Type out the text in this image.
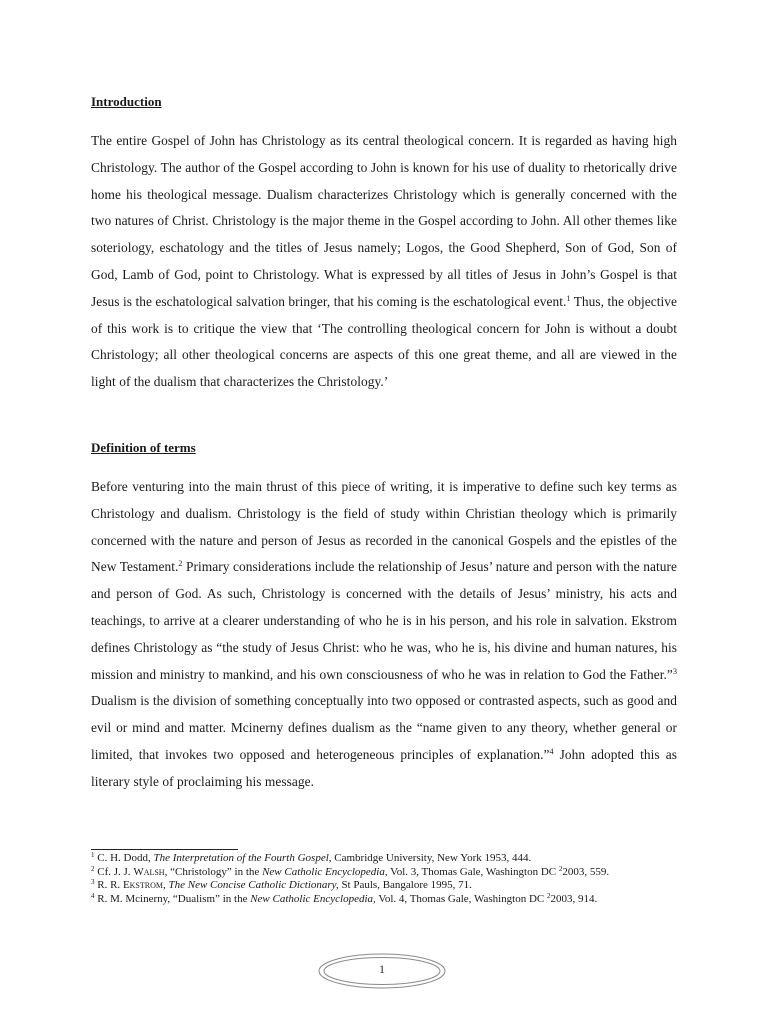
Introduction

The entire Gospel of John has Christology as its central theological concern. It is regarded as having high Christology. The author of the Gospel according to John is known for his use of duality to rhetorically drive home his theological message. Dualism characterizes Christology which is generally concerned with the two natures of Christ. Christology is the major theme in the Gospel according to John. All other themes like soteriology, eschatology and the titles of Jesus namely; Logos, the Good Shepherd, Son of God, Son of God, Lamb of God, point to Christology. What is expressed by all titles of Jesus in John’s Gospel is that Jesus is the eschatological salvation bringer, that his coming is the eschatological event.$^1$ Thus, the objective of this work is to critique the view that ‘The controlling theological concern for John is without a doubt Christology; all other theological concerns are aspects of this one great theme, and all are viewed in the light of the dualism that characterizes the Christology.’

Definition of terms

Before venturing into the main thrust of this piece of writing, it is imperative to define such key terms as Christology and dualism. Christology is the field of study within Christian theology which is primarily concerned with the nature and person of Jesus as recorded in the canonical Gospels and the epistles of the New Testament.$^2$ Primary considerations include the relationship of Jesus’ nature and person with the nature and person of God. As such, Christology is concerned with the details of Jesus’ ministry, his acts and teachings, to arrive at a clearer understanding of who he is in his person, and his role in salvation. Ekstrom defines Christology as “the study of Jesus Christ: who he was, who he is, his divine and human natures, his mission and ministry to mankind, and his own consciousness of who he was in relation to God the Father.”$^3$ Dualism is the division of something conceptually into two opposed or contrasted aspects, such as good and evil or mind and matter. Mcinerny defines dualism as the “name given to any theory, whether general or limited, that invokes two opposed and heterogeneous principles of explanation.”$^4$ John adopted this as literary style of proclaiming his message.

$^1$ C. H. Dodd, The Interpretation of the Fourth Gospel, Cambridge University, New York 1953, 444.
$^2$ Cf. J. J. Walsh, “Christology” in the New Catholic Encyclopedia, Vol. 3, Thomas Gale, Washington DC $^2$2003, 559.
$^3$ R. R. Ekstrom, The New Concise Catholic Dictionary, St Pauls, Bangalore 1995, 71.
$^4$ R. M. Mcinerny, “Dualism” in the New Catholic Encyclopedia, Vol. 4, Thomas Gale, Washington DC $^2$2003, 914.
1
